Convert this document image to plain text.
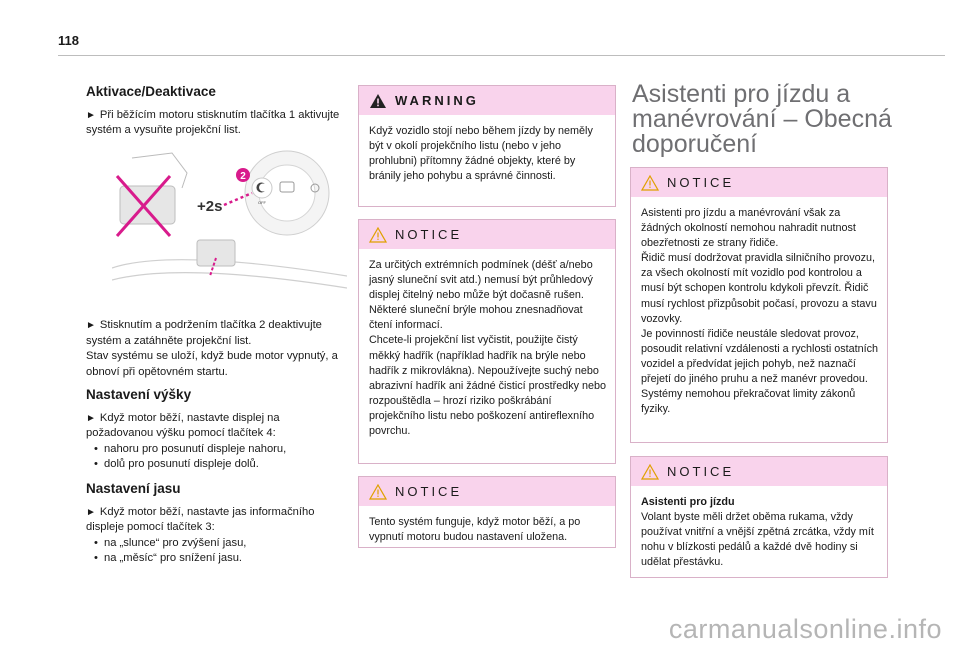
118
Aktivace/Deaktivace

► Při běžícím motoru stisknutím tlačítka 1 aktivujte systém a vysuňte projekční list.

2
OFF
+2s

► Stisknutím a podržením tlačítka 2 deaktivujte systém a zatáhněte projekční list.

Stav systému se uloží, když bude motor vypnutý, a obnoví při opětovném startu.

Nastavení výšky

► Když motor běží, nastavte displej na požadovanou výšku pomocí tlačítek 4:

• nahoru pro posunutí displeje nahoru,
• dolů pro posunutí displeje dolů.
Nastavení jasu

► Když motor běží, nastavte jas informačního displeje pomocí tlačítek 3:

• na „slunce“ pro zvýšení jasu,
• na „měsíc“ pro snížení jasu.
WARNING
Když vozidlo stojí nebo během jízdy by neměly být v okolí projekčního listu (nebo v jeho prohlubni) přítomny žádné objekty, které by bránily jeho pohybu a správné činnosti.
NOTICE

Za určitých extrémních podmínek (déšť a/nebo jasný sluneční svit atd.) nemusí být průhledový displej čitelný nebo může být dočasně rušen.

Některé sluneční brýle mohou znesnadňovat čtení informací.

Chcete-li projekční list vyčistit, použijte čistý měkký hadřík (například hadřík na brýle nebo hadřík z mikrovlákna). Nepoužívejte suchý nebo abrazivní hadřík ani žádné čisticí prostředky nebo rozpouštědla – hrozí riziko poškrábání projekčního listu nebo poškození antireflexního povrchu.

NOTICE
Tento systém funguje, když motor běží, a po vypnutí motoru budou nastavení uložena.
Asistenti pro jízdu a manévrování – Obecná doporučení
NOTICE

Asistenti pro jízdu a manévrování však za žádných okolností nemohou nahradit nutnost obezřetnosti ze strany řidiče.

Řidič musí dodržovat pravidla silničního provozu, za všech okolností mít vozidlo pod kontrolou a musí být schopen kontrolu kdykoli převzít. Řidič musí rychlost přizpůsobit počasí, provozu a stavu vozovky.

Je povinností řidiče neustále sledovat provoz, posoudit relativní vzdálenosti a rychlosti ostatních vozidel a předvídat jejich pohyb, než naznačí přejetí do jiného pruhu a než manévr provedou.

Systémy nemohou překračovat limity zákonů fyziky.

NOTICE

Asistenti pro jízdu

Volant byste měli držet oběma rukama, vždy používat vnitřní a vnější zpětná zrcátka, vždy mít nohu v blízkosti pedálů a každé dvě hodiny si udělat přestávku.

carmanualsonline.info
